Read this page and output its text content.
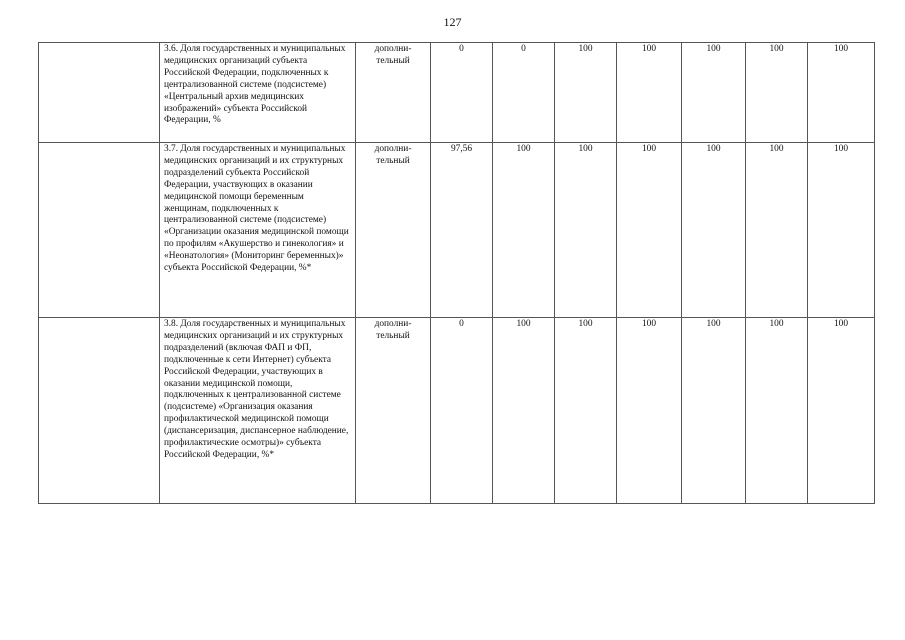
127
	3.6. Доля государственных и муниципальных медицинских организаций субъекта Российской Федерации, подключенных к централизованной системе (подсистеме) «Центральный архив медицинских изображений» субъекта Российской Федерации, %	дополни-тельный	0	0	100	100	100	100	100
	3.7. Доля государственных и муниципальных медицинских организаций и их структурных подразделений субъекта Российской Федерации, участвующих в оказании медицинской помощи беременным женщинам, подключенных к централизованной системе (подсистеме) «Организации оказания медицинской помощи по профилям «Акушерство и гинекология» и «Неонатология» (Мониторинг беременных)» субъекта Российской Федерации, %*	дополни-тельный	97,56	100	100	100	100	100	100
	3.8. Доля государственных и муниципальных медицинских организаций и их структурных подразделений (включая ФАП и ФП, подключенные к сети Интернет) субъекта Российской Федерации, участвующих в оказании медицинской помощи, подключенных к централизованной системе (подсистеме) «Организация оказания профилактической медицинской помощи (диспансеризация, диспансерное наблюдение, профилактические осмотры)» субъекта Российской Федерации, %*	дополни-тельный	0	100	100	100	100	100	100
